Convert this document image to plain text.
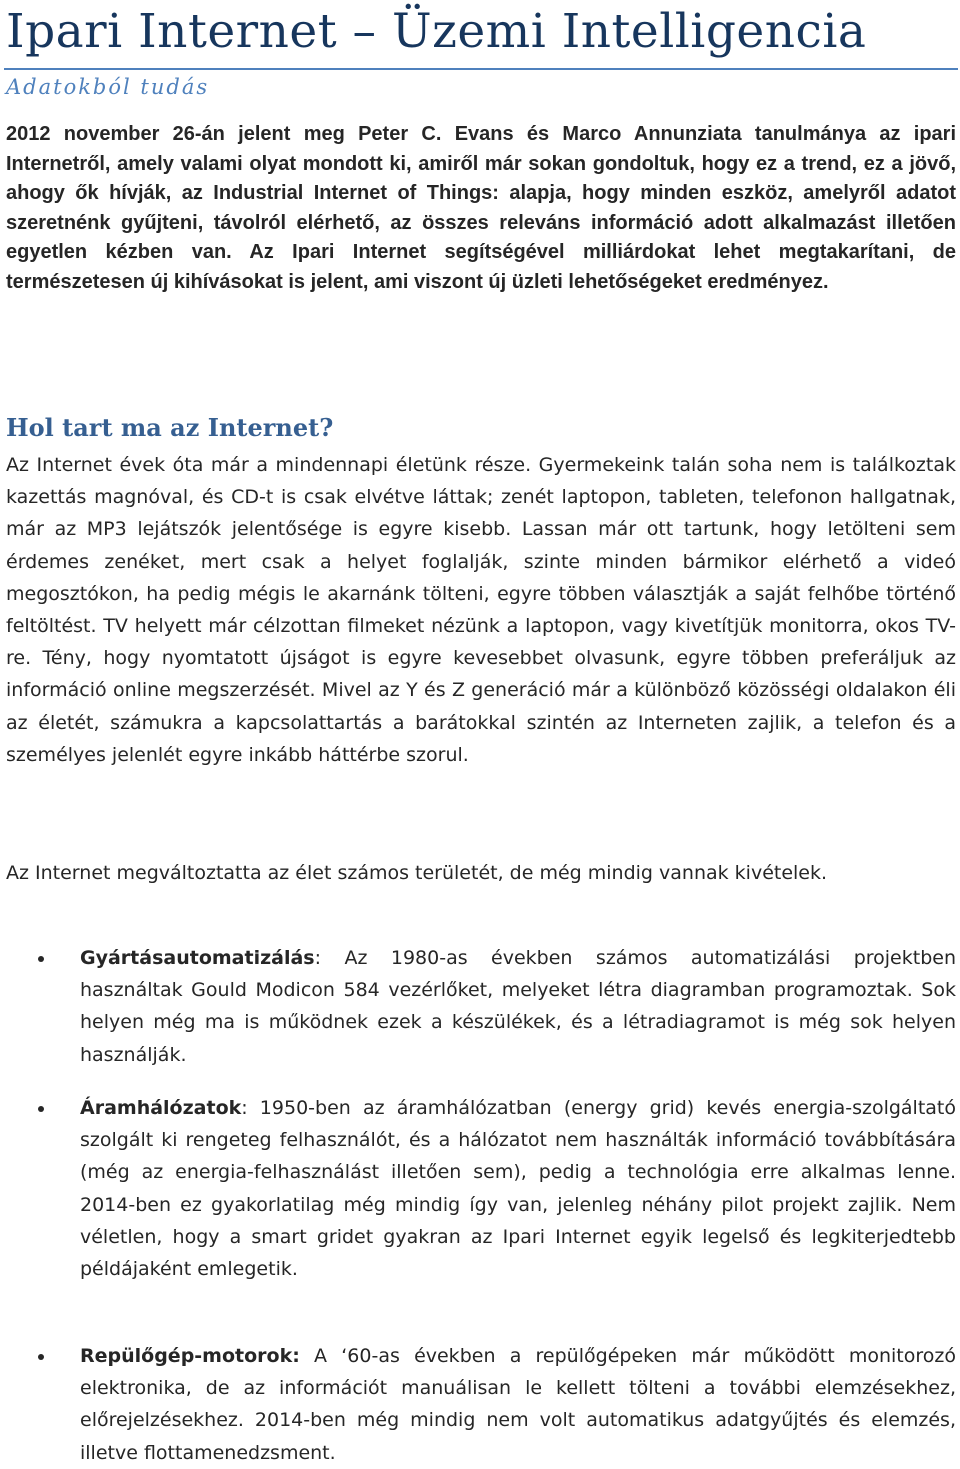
Ipari Internet – Üzemi Intelligencia
Adatokból tudás
2012 november 26-án jelent meg Peter C. Evans és Marco Annunziata tanulmánya az ipari Internetről, amely valami olyat mondott ki, amiről már sokan gondoltuk, hogy ez a trend, ez a jövő, ahogy ők hívják, az Industrial Internet of Things: alapja, hogy minden eszköz, amelyről adatot szeretnénk gyűjteni, távolról elérhető, az összes releváns információ adott alkalmazást illetően egyetlen kézben van. Az Ipari Internet segítségével milliárdokat lehet megtakarítani, de természetesen új kihívásokat is jelent, ami viszont új üzleti lehetőségeket eredményez.
Hol tart ma az Internet?
Az Internet évek óta már a mindennapi életünk része. Gyermekeink talán soha nem is találkoztak kazettás magnóval, és CD-t is csak elvétve láttak; zenét laptopon, tableten, telefonon hallgatnak, már az MP3 lejátszók jelentősége is egyre kisebb. Lassan már ott tartunk, hogy letölteni sem érdemes zenéket, mert csak a helyet foglalják, szinte minden bármikor elérhető a videó megosztókon, ha pedig mégis le akarnánk tölteni, egyre többen választják a saját felhőbe történő feltöltést. TV helyett már célzottan filmeket nézünk a laptopon, vagy kivetítjük monitorra, okos TV-re. Tény, hogy nyomtatott újságot is egyre kevesebbet olvasunk, egyre többen preferáljuk az információ online megszerzését. Mivel az Y és Z generáció már a különböző közösségi oldalakon éli az életét, számukra a kapcsolattartás a barátokkal szintén az Interneten zajlik, a telefon és a személyes jelenlét egyre inkább háttérbe szorul.
Az Internet megváltoztatta az élet számos területét, de még mindig vannak kivételek.
Gyártásautomatizálás: Az 1980-as években számos automatizálási projektben használtak Gould Modicon 584 vezérlőket, melyeket létra diagramban programoztak. Sok helyen még ma is működnek ezek a készülékek, és a létradiagramot is még sok helyen használják.
Áramhálózatok: 1950-ben az áramhálózatban (energy grid) kevés energia-szolgáltató szolgált ki rengeteg felhasználót, és a hálózatot nem használták információ továbbítására (még az energia-felhasználást illetően sem), pedig a technológia erre alkalmas lenne. 2014-ben ez gyakorlatilag még mindig így van, jelenleg néhány pilot projekt zajlik. Nem véletlen, hogy a smart gridet gyakran az Ipari Internet egyik legelső és legkiterjedtebb példájaként emlegetik.
Repülőgép-motorok: A ‘60-as években a repülőgépeken már működött monitorozó elektronika, de az információt manuálisan le kellett tölteni a további elemzésekhez, előrejelzésekhez. 2014-ben még mindig nem volt automatikus adatgyűjtés és elemzés, illetve flottamenedzsment.
